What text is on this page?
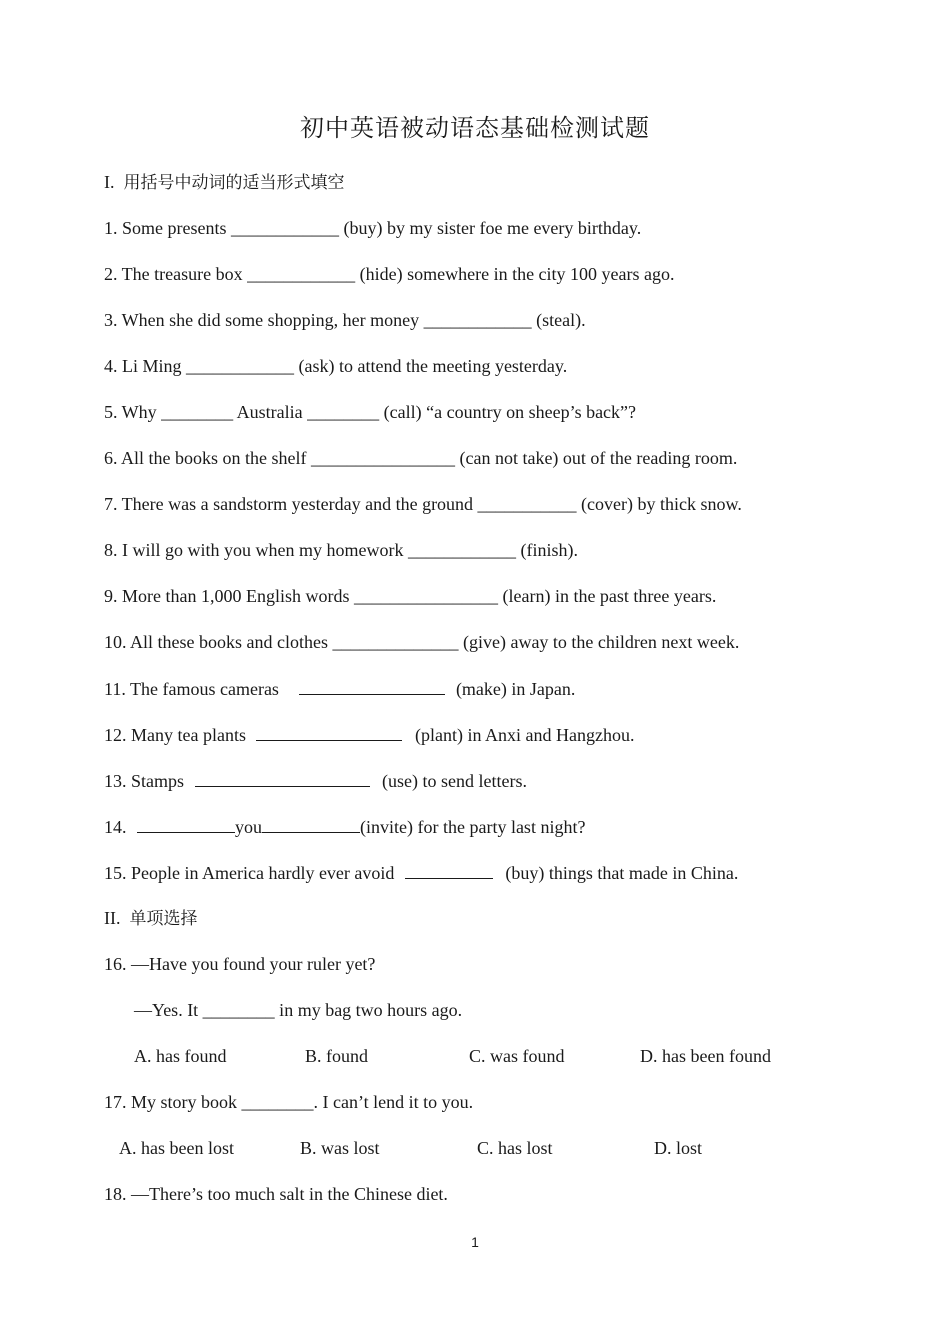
初中英语被动语态基础检测试题
I. 用括号中动词的适当形式填空
1. Some presents ____________ (buy) by my sister foe me every birthday.
2. The treasure box ____________ (hide) somewhere in the city 100 years ago.
3. When she did some shopping, her money ____________ (steal).
4. Li Ming ____________ (ask) to attend the meeting yesterday.
5. Why ________ Australia ________ (call) “a country on sheep’s back”?
6. All the books on the shelf ________________ (can not take) out of the reading room.
7. There was a sandstorm yesterday and the ground ___________ (cover) by thick snow.
8. I will go with you when my homework ____________ (finish).
9. More than 1,000 English words ________________ (learn) in the past three years.
10. All these books and clothes ______________ (give) away to the children next week.
11. The famous cameras	(make) in Japan.
12. Many tea plants	(plant) in Anxi and Hangzhou.
13. Stamps	(use) to send letters.
14.	you	(invite) for the party last night?
15. People in America hardly ever avoid	(buy) things that made in China.
II. 单项选择
16. —Have you found your ruler yet?
—Yes. It ________ in my bag two hours ago.
A. has found	B. found	C. was found	D. has been found
17. My story book ________. I can’t lend it to you.
A. has been lost	B. was lost	C. has lost	D. lost
18. —There’s too much salt in the Chinese diet.
1
